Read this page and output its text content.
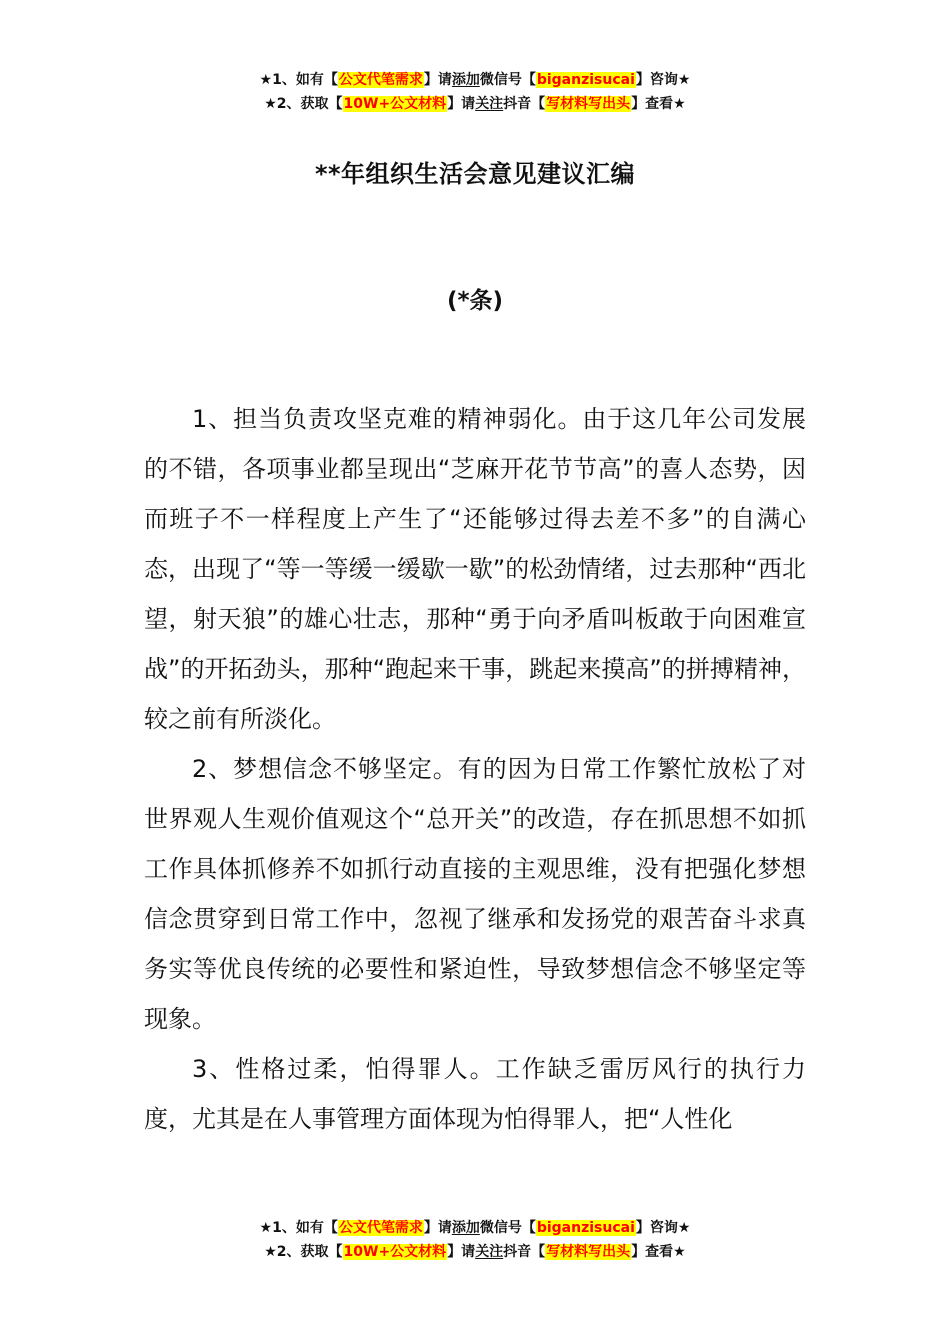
★1、如有【公文代笔需求】请添加微信号【biganzisucai】咨询★
★2、获取【10W+公文材料】请关注抖音【写材料写出头】查看★
**年组织生活会意见建议汇编
(*条)

1、担当负责攻坚克难的精神弱化。由于这几年公司发展的不错，各项事业都呈现出“芝麻开花节节高”的喜人态势，因而班子不一样程度上产生了“还能够过得去差不多”的自满心态，出现了“等一等缓一缓歇一歇”的松劲情绪，过去那种“西北望，射天狼”的雄心壮志，那种“勇于向矛盾叫板敢于向困难宣战”的开拓劲头，那种“跑起来干事，跳起来摸高”的拼搏精神，较之前有所淡化。

2、梦想信念不够坚定。有的因为日常工作繁忙放松了对世界观人生观价值观这个“总开关”的改造，存在抓思想不如抓工作具体抓修养不如抓行动直接的主观思维，没有把强化梦想信念贯穿到日常工作中，忽视了继承和发扬党的艰苦奋斗求真务实等优良传统的必要性和紧迫性，导致梦想信念不够坚定等现象。

3、性格过柔，怕得罪人。工作缺乏雷厉风行的执行力度，尤其是在人事管理方面体现为怕得罪人，把“人性化

★1、如有【公文代笔需求】请添加微信号【biganzisucai】咨询★
★2、获取【10W+公文材料】请关注抖音【写材料写出头】查看★
